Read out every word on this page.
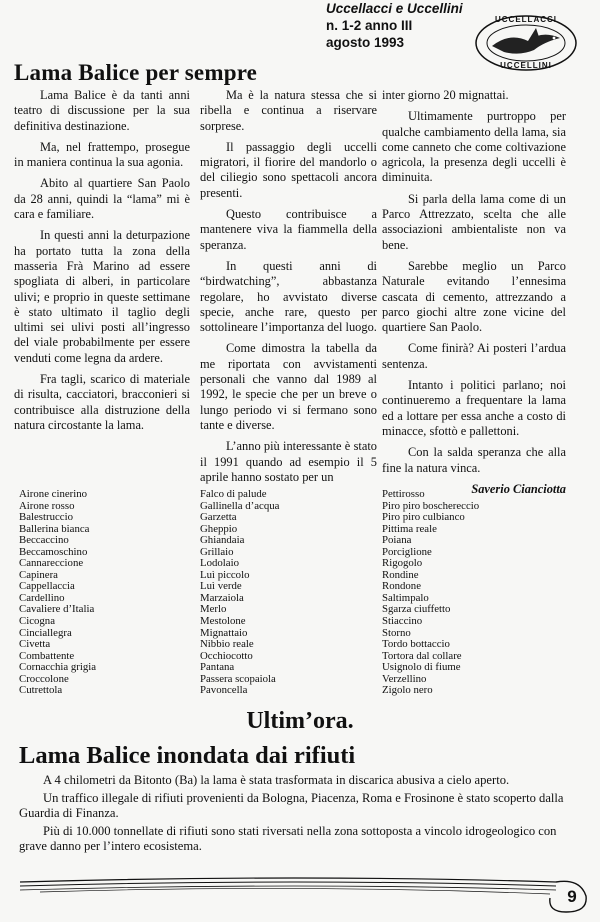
Uccellacci e Uccellini
n. 1-2 anno III
agosto 1993
UCCELLACCI
UCCELLINI
Lama Balice per sempre

Lama Balice è da tanti anni teatro di discussione per la sua definitiva destinazione.

Ma, nel frattempo, prosegue in maniera continua la sua agonia.

Abito al quartiere San Paolo da 28 anni, quindi la “lama” mi è cara e familiare.

In questi anni la deturpazione ha portato tutta la zona della masseria Frà Marino ad essere spogliata di alberi, in particolare ulivi; e proprio in queste settimane è stato ultimato il taglio degli ultimi sei ulivi posti all’ingresso del viale probabilmente per essere venduti come legna da ardere.

Fra tagli, scarico di materiale di risulta, cacciatori, bracconieri si contribuisce alla distruzione della natura circostante la lama.

Ma è la natura stessa che si ribella e continua a riservare sorprese.

Il passaggio degli uccelli migratori, il fiorire del mandorlo o del ciliegio sono spettacoli ancora presenti.

Questo contribuisce a mantenere viva la fiammella della speranza.

In questi anni di “birdwatching”, abbastanza regolare, ho avvistato diverse specie, anche rare, questo per sottolineare l’importanza del luogo.

Come dimostra la tabella da me riportata con avvistamenti personali che vanno dal 1989 al 1992, le specie che per un breve o lungo periodo vi si fermano sono tante e diverse.

L’anno più interessante è stato il 1991 quando ad esempio il 5 aprile hanno sostato per un

inter giorno 20 mignattai.

Ultimamente purtroppo per qualche cambiamento della lama, sia come canneto che come coltivazione agricola, la presenza degli uccelli è diminuita.

Si parla della lama come di un Parco Attrezzato, scelta che alle associazioni ambientaliste non va bene.

Sarebbe meglio un Parco Naturale evitando l’ennesima cascata di cemento, attrezzando a parco giochi altre zone vicine del quartiere San Paolo.

Come finirà? Ai posteri l’ardua sentenza.

Intanto i politici parlano; noi continueremo a frequentare la lama ed a lottare per essa anche a costo di minacce, sfottò e pallettoni.

Con la salda speranza che alla fine la natura vinca.

Saverio Cianciotta
Airone cinerino
Airone rosso
Balestruccio
Ballerina bianca
Beccaccino
Beccamoschino
Cannareccione
Capinera
Cappellaccia
Cardellino
Cavaliere d’Italia
Cicogna
Cinciallegra
Civetta
Combattente
Cornacchia grigia
Croccolone
Cutrettola
Falco di palude
Gallinella d’acqua
Garzetta
Gheppio
Ghiandaia
Grillaio
Lodolaio
Luì piccolo
Luì verde
Marzaiola
Merlo
Mestolone
Mignattaio
Nibbio reale
Occhiocotto
Pantana
Passera scopaiola
Pavoncella
Pettirosso
Piro piro boschereccio
Piro piro culbianco
Pittima reale
Poiana
Porciglione
Rigogolo
Rondine
Rondone
Saltimpalo
Sgarza ciuffetto
Stiaccino
Storno
Tordo bottaccio
Tortora dal collare
Usignolo di fiume
Verzellino
Zigolo nero
Ultim’ora.
Lama Balice inondata dai rifiuti

A 4 chilometri da Bitonto (Ba) la lama è stata trasformata in discarica abusiva a cielo aperto.

Un traffico illegale di rifiuti provenienti da Bologna, Piacenza, Roma e Frosinone è stato scoperto dalla Guardia di Finanza.

Più di 10.000 tonnellate di rifiuti sono stati riversati nella zona sottoposta a vincolo idrogeologico con grave danno per l’intero ecosistema.

9
